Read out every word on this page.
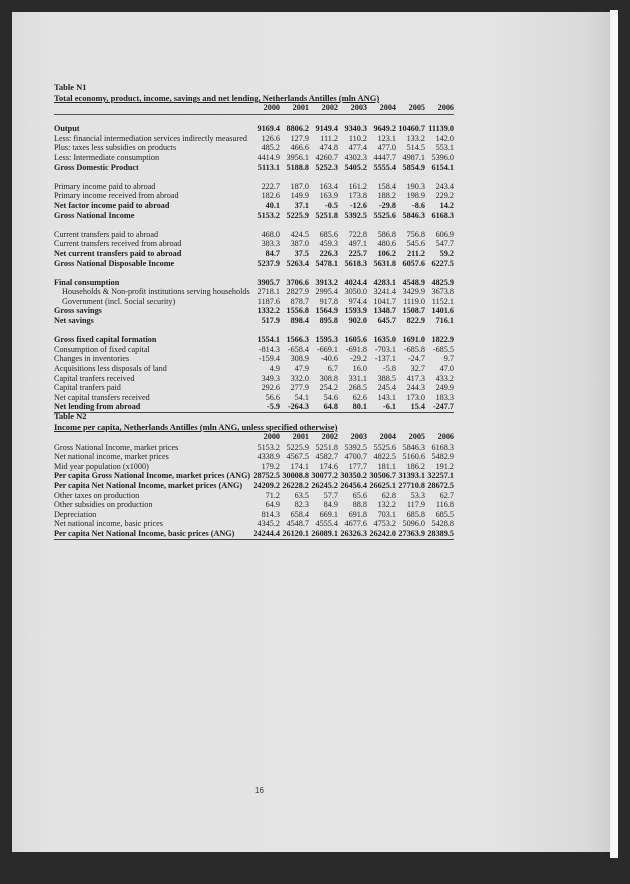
Table N1
Total economy, product, income, savings and net lending, Netherlands Antilles (mln ANG)
	2000	2001	2002	2003	2004	2005	2006

Output	9169.4	8806.2	9149.4	9340.3	9649.2	10460.7	11139.0
Less: financial intermediation services indirectly measured	126.6	127.9	111.2	110.2	123.1	133.2	142.0
Plus: taxes less subsidies on products	485.2	466.6	474.8	477.4	477.0	514.5	553.1
Less: Intermediate consumption	4414.9	3956.1	4260.7	4302.3	4447.7	4987.1	5396.0
Gross Domestic Product	5113.1	5188.8	5252.3	5405.2	5555.4	5854.9	6154.1

Primary income paid to abroad	222.7	187.0	163.4	161.2	158.4	190.3	243.4
Primary income received from abroad	182.6	149.9	163.9	173.8	188.2	198.9	229.2
Net factor income paid to abroad	40.1	37.1	-0.5	-12.6	-29.8	-8.6	14.2
Gross National Income	5153.2	5225.9	5251.8	5392.5	5525.6	5846.3	6168.3

Current transfers paid to abroad	468.0	424.5	685.6	722.8	586.8	756.8	606.9
Current transfers received from abroad	383.3	387.0	459.3	497.1	480.6	545.6	547.7
Net current transfers paid to abroad	84.7	37.5	226.3	225.7	106.2	211.2	59.2
Gross National Disposable Income	5237.9	5263.4	5478.1	5618.3	5631.8	6057.6	6227.5

Final consumption	3905.7	3706.6	3913.2	4024.4	4283.1	4548.9	4825.9
Households & Non-profit institutions serving households	2718.1	2827.9	2995.4	3050.0	3241.4	3429.9	3673.8
Government (incl. Social security)	1187.6	878.7	917.8	974.4	1041.7	1119.0	1152.1
Gross savings	1332.2	1556.8	1564.9	1593.9	1348.7	1508.7	1401.6
Net savings	517.9	898.4	895.8	902.0	645.7	822.9	716.1

Gross fixed capital formation	1554.1	1566.3	1595.3	1605.6	1635.0	1691.0	1822.9
Consumption of fixed capital	-814.3	-658.4	-669.1	-691.8	-703.1	-685.8	-685.5
Changes in inventories	-159.4	308.9	-40.6	-29.2	-137.1	-24.7	9.7
Acquisitions less disposals of land	4.9	47.9	6.7	16.0	-5.8	32.7	47.0
Capital tranfers received	349.3	332.0	308.8	331.1	388.5	417.3	433.2
Capital tranfers paid	292.6	277.9	254.2	268.5	245.4	244.3	249.9
Net capital transfers received	56.6	54.1	54.6	62.6	143.1	173.0	183.3
Net lending from abroad	-5.9	-264.3	64.8	80.1	-6.1	15.4	-247.7
Table N2
Income per capita, Netherlands Antilles (mln ANG, unless specified otherwise)
	2000	2001	2002	2003	2004	2005	2006
Gross National Income, market prices	5153.2	5225.9	5251.8	5392.5	5525.6	5846.3	6168.3
Net national income, market prices	4338.9	4567.5	4582.7	4700.7	4822.5	5160.6	5482.9
Mid year population (x1000)	179.2	174.1	174.6	177.7	181.1	186.2	191.2
Per capita Gross National Income, market prices (ANG)	28752.5	30008.8	30077.2	30350.2	30506.7	31393.1	32257.1
Per capita Net National Income, market prices (ANG)	24209.2	26228.2	26245.2	26456.4	26625.1	27710.8	28672.5
Other taxes on production	71.2	63.5	57.7	65.6	62.8	53.3	62.7
Other subsidies on production	64.9	82.3	84.9	88.8	132.2	117.9	116.8
Depreciation	814.3	658.4	669.1	691.8	703.1	685.8	685.5
Net national income, basic prices	4345.2	4548.7	4555.4	4677.6	4753.2	5096.0	5428.8
Per capita Net National Income, basic prices (ANG)	24244.4	26120.1	26089.1	26326.3	26242.0	27363.9	28389.5
16
